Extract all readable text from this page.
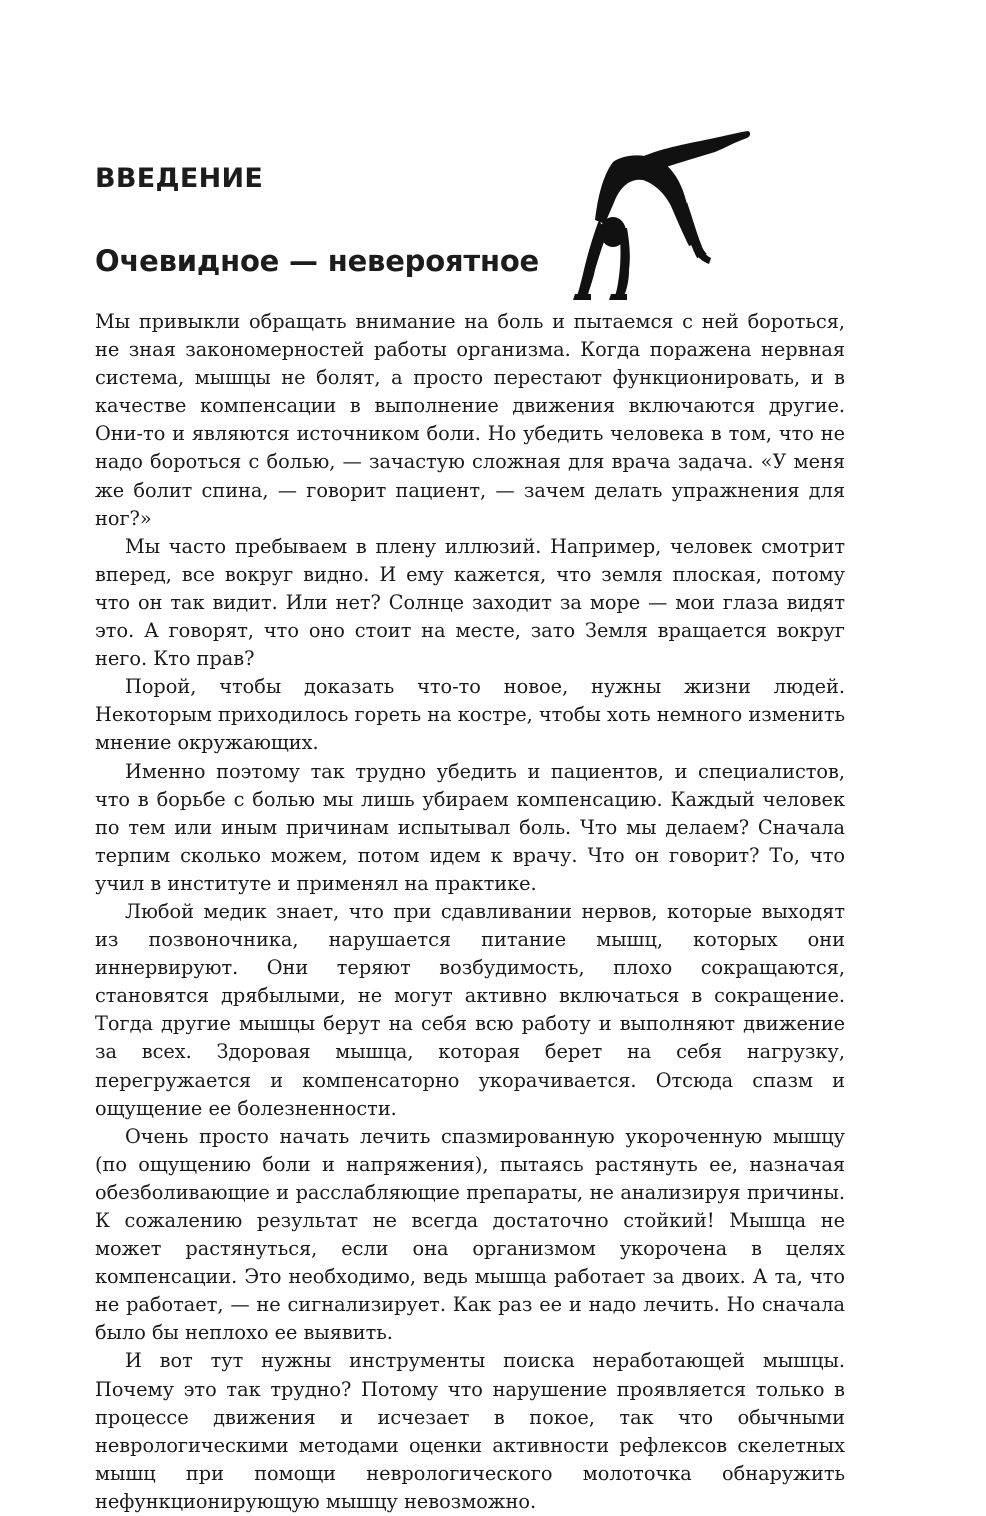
ВВЕДЕНИЕ
Очевидное — невероятное

Мы привыкли обращать внимание на боль и пытаемся с ней бороться, не зная закономерностей работы организма. Когда поражена нервная система, мышцы не болят, а просто перестают функционировать, и в качестве компенсации в выполнение движения включаются другие. Они-то и являются источником боли. Но убедить человека в том, что не надо бороться с болью, — зачастую сложная для врача задача. «У меня же болит спина, — говорит пациент, — зачем делать упражнения для ног?»

Мы часто пребываем в плену иллюзий. Например, человек смотрит вперед, все вокруг видно. И ему кажется, что земля плоская, потому что он так видит. Или нет? Солнце заходит за море — мои глаза видят это. А говорят, что оно стоит на месте, зато Земля вращается вокруг него. Кто прав?

Порой, чтобы доказать что-то новое, нужны жизни людей. Некоторым приходилось гореть на костре, чтобы хоть немного изменить мнение окружающих.

Именно поэтому так трудно убедить и пациентов, и специалистов, что в борьбе с болью мы лишь убираем компенсацию. Каждый человек по тем или иным причинам испытывал боль. Что мы делаем? Сначала терпим сколько можем, потом идем к врачу. Что он говорит? То, что учил в институте и применял на практике.

Любой медик знает, что при сдавливании нервов, которые выходят из позвоночника, нарушается питание мышц, которых они иннервируют. Они теряют возбудимость, плохо сокращаются, становятся дрябылыми, не могут активно включаться в сокращение. Тогда другие мышцы берут на себя всю работу и выполняют движение за всех. Здоровая мышца, которая берет на себя нагрузку, перегружается и компенсаторно укорачивается. Отсюда спазм и ощущение ее болезненности.

Очень просто начать лечить спазмированную укороченную мышцу (по ощущению боли и напряжения), пытаясь растянуть ее, назначая обезболивающие и расслабляющие препараты, не анализируя причины. К сожалению результат не всегда достаточно стойкий! Мышца не может растянуться, если она организмом укорочена в целях компенсации. Это необходимо, ведь мышца работает за двоих. А та, что не работает, — не сигнализирует. Как раз ее и надо лечить. Но сначала было бы неплохо ее выявить.

И вот тут нужны инструменты поиска неработающей мышцы. Почему это так трудно? Потому что нарушение проявляется только в процессе движения и исчезает в покое, так что обычными неврологическими методами оценки активности рефлексов скелетных мышц при помощи неврологического молоточка обнаружить нефункционирующую мышцу невозможно.
